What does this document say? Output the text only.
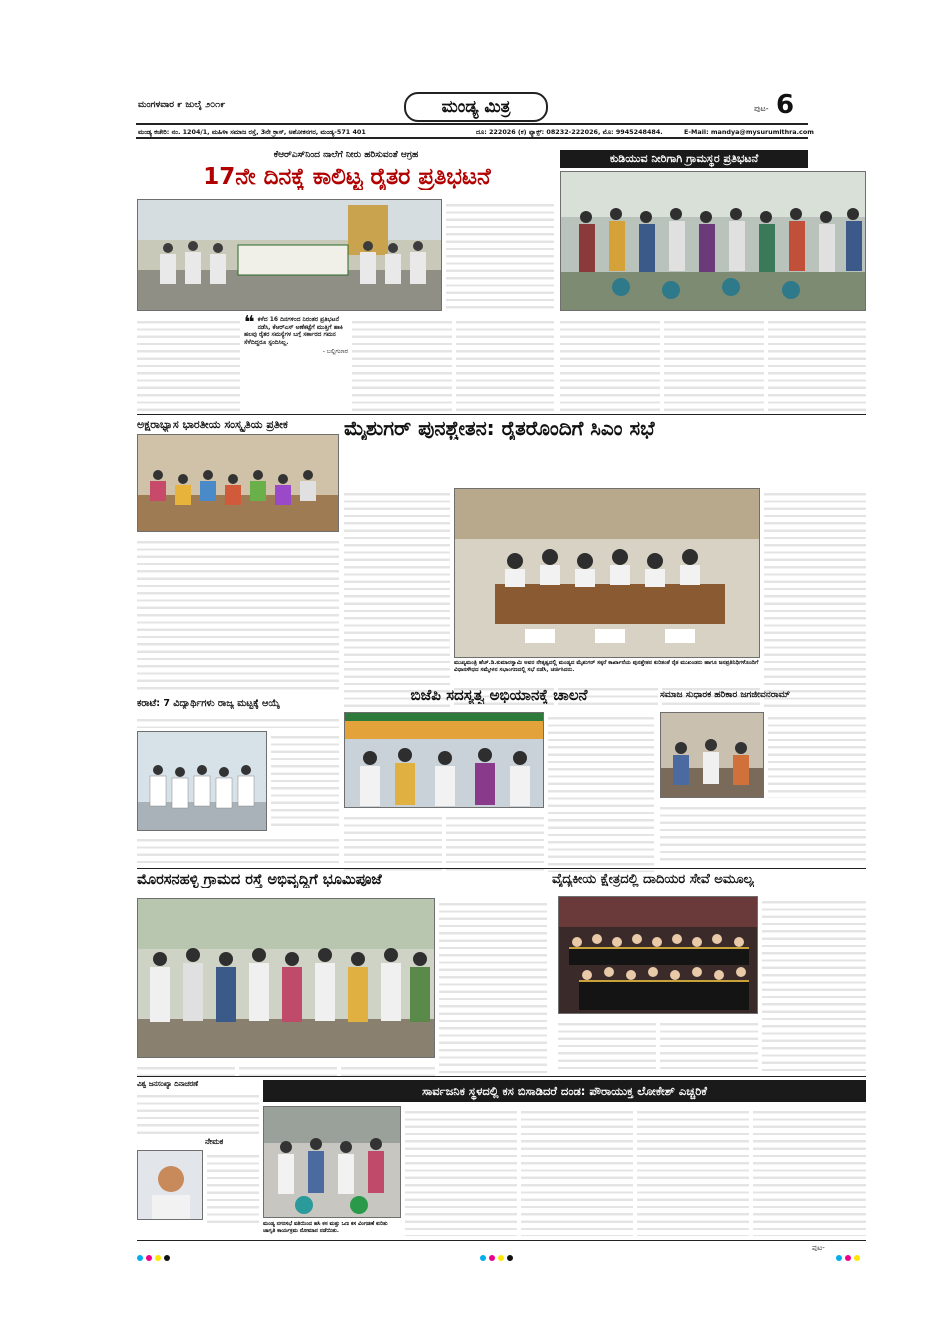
ಮಂಗಳವಾರ ೯ ಜುಲೈ ೨೦೧೯	ಮಂಡ್ಯ ಮಿತ್ರ	ಪುಟ- 6
ಮಂಡ್ಯ ಕಚೇರಿ: ನಂ. 1204/1, ಮಹಿಳಾ ಸಮಾಜ ರಸ್ತೆ, 3ನೇ ಕ್ರಾಸ್, ಅಶೋಕನಗರ, ಮಂಡ್ಯ-571 401	ದೂ: 222026 (ಕ) ಫ್ಯಾಕ್ಸ್: 08232-222026, ಮೊ: 9945248484.	E-Mail: mandya@mysurumithra.com
ಕೆಆರ್‌ಎಸ್‌ನಿಂದ ನಾಲೆಗೆ ನೀರು ಹರಿಸುವಂತೆ ಆಗ್ರಹ
17ನೇ ದಿನಕ್ಕೆ ಕಾಲಿಟ್ಟ ರೈತರ ಪ್ರತಿಭಟನೆ
❝ ಕಳೆದ 16 ದಿನಗಳಿಂದ ನಿರಂತರ ಪ್ರತಿಭಟನೆ ನಡೆಸಿ, ಕೆಆರ್‌ಎಸ್ ಅಣೆಕಟ್ಟೆಗೆ ಮುತ್ತಿಗೆ ಹಾಕಿ ಹಲವು ರೈತರ ಸಮಸ್ಯೆಗಳ ಬಗ್ಗೆ ಸರ್ಕಾರದ ಗಮನ ಸೆಳೆದಿದ್ದರೂ ಸ್ಪಂದಿಸಿಲ್ಲ.
- ಬಲ್ಲಿಗುಣರ
ಕುಡಿಯುವ ನೀರಿಗಾಗಿ ಗ್ರಾಮಸ್ಥರ ಪ್ರತಿಭಟನೆ
ಅಕ್ಷರಾಭ್ಯಾಸ ಭಾರತೀಯ ಸಂಸ್ಕೃತಿಯ ಪ್ರತೀಕ	ಮೈಶುಗರ್ ಪುನಶ್ಚೇತನ: ರೈತರೊಂದಿಗೆ ಸಿಎಂ ಸಭೆ
ಮುಖ್ಯಮಂತ್ರಿ ಹೆಚ್.ಡಿ.ಕುಮಾರಸ್ವಾಮಿ ಅವರ ನೇತೃತ್ವದಲ್ಲಿ ಮಂಡ್ಯದ ಮೈಶುಗರ್ ಸಕ್ಕರೆ ಕಾರ್ಖಾನೆಯ ಪುನಶ್ಚೇತನ ಕುರಿತಂತೆ ರೈತ ಮುಖಂಡರು ಹಾಗೂ ಜನಪ್ರತಿನಿಧಿಗಳೊಂದಿಗೆ ವಿಧಾನಸೌಧದ ಸಮ್ಮೇಳನ ಸಭಾಂಗಣದಲ್ಲಿ ಸಭೆ ನಡೆಸಿ, ಚರ್ಚಿಸಿದರು.
ಕರಾಟೆ: 7 ವಿದ್ಯಾರ್ಥಿಗಳು ರಾಜ್ಯ ಮಟ್ಟಕ್ಕೆ ಆಯ್ಕೆ	ಬಿಜೆಪಿ ಸದಸ್ಯತ್ವ ಅಭಿಯಾನಕ್ಕೆ ಚಾಲನೆ	ಸಮಾಜ ಸುಧಾರಕ ಹರಿಕಾರ ಜಗಜೀವನರಾಮ್
ಮೊರಸನಹಳ್ಳಿ ಗ್ರಾಮದ ರಸ್ತೆ ಅಭಿವೃದ್ಧಿಗೆ ಭೂಮಿಪೂಜೆ	ವೈದ್ಯಕೀಯ ಕ್ಷೇತ್ರದಲ್ಲಿ ದಾದಿಯರ ಸೇವೆ ಅಮೂಲ್ಯ
ವಿಶ್ವ ಜನಸಂಖ್ಯಾ ದಿನಾಚರಣೆ
ನೇಮಕ
ಸಾರ್ವಜನಿಕ ಸ್ಥಳದಲ್ಲಿ ಕಸ ಬಿಸಾಡಿದರೆ ದಂಡ: ಪೌರಾಯುಕ್ತ ಲೋಕೇಶ್ ಎಚ್ಚರಿಕೆ
ಮಂಡ್ಯ ನಗರಸಭೆ ವತಿಯಿಂದ ಹಸಿ ಕಸ ಮತ್ತು ಒಣ ಕಸ ವಿಂಗಡಣೆ ಕುರಿತು ಜಾಗೃತಿ ಕಾರ್ಯಕ್ರಮ ನೋಮಾನ ನಡೆಯಿತು.
ಪುಟ-
